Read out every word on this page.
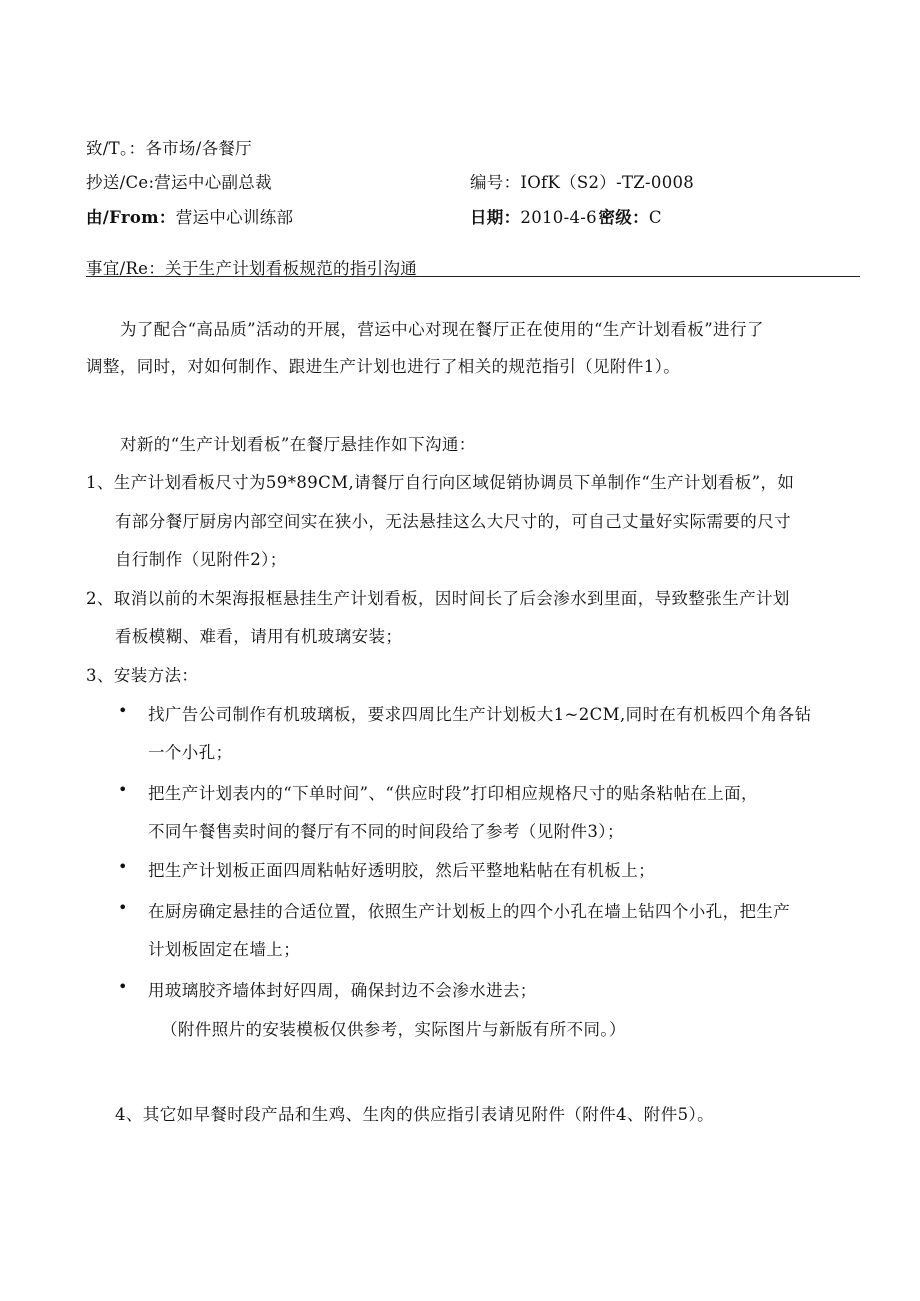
致/T。：各市场/各餐厅
抄送/Ce:营运中心副总裁
由/From：营运中心训练部
编号：IOfK（S2）-TZ-0008
日期：2010-4-6 密级：C
事宜/Re：关于生产计划看板规范的指引沟通
为了配合“高品质”活动的开展，营运中心对现在餐厅正在使用的“生产计划看板”进行了
调整，同时，对如何制作、跟进生产计划也进行了相关的规范指引（见附件1）。
对新的“生产计划看板”在餐厅悬挂作如下沟通：
1、生产计划看板尺寸为59*89CM,请餐厅自行向区域促销协调员下单制作“生产计划看板”，如
有部分餐厅厨房内部空间实在狭小，无法悬挂这么大尺寸的，可自己丈量好实际需要的尺寸
自行制作（见附件2）；
2、取消以前的木架海报框悬挂生产计划看板，因时间长了后会渗水到里面，导致整张生产计划
看板模糊、难看，请用有机玻璃安装；
3、安装方法：
• 找广告公司制作有机玻璃板，要求四周比生产计划板大1~2CM,同时在有机板四个角各钻
一个小孔；
• 把生产计划表内的“下单时间”、“供应时段”打印相应规格尺寸的贴条粘帖在上面，
不同午餐售卖时间的餐厅有不同的时间段给了参考（见附件3）；
• 把生产计划板正面四周粘帖好透明胶，然后平整地粘帖在有机板上；
• 在厨房确定悬挂的合适位置，依照生产计划板上的四个小孔在墙上钻四个小孔，把生产
计划板固定在墙上；
• 用玻璃胶齐墙体封好四周，确保封边不会渗水进去；
（附件照片的安装模板仅供参考，实际图片与新版有所不同。）
4、其它如早餐时段产品和生鸡、生肉的供应指引表请见附件（附件4、附件5）。
